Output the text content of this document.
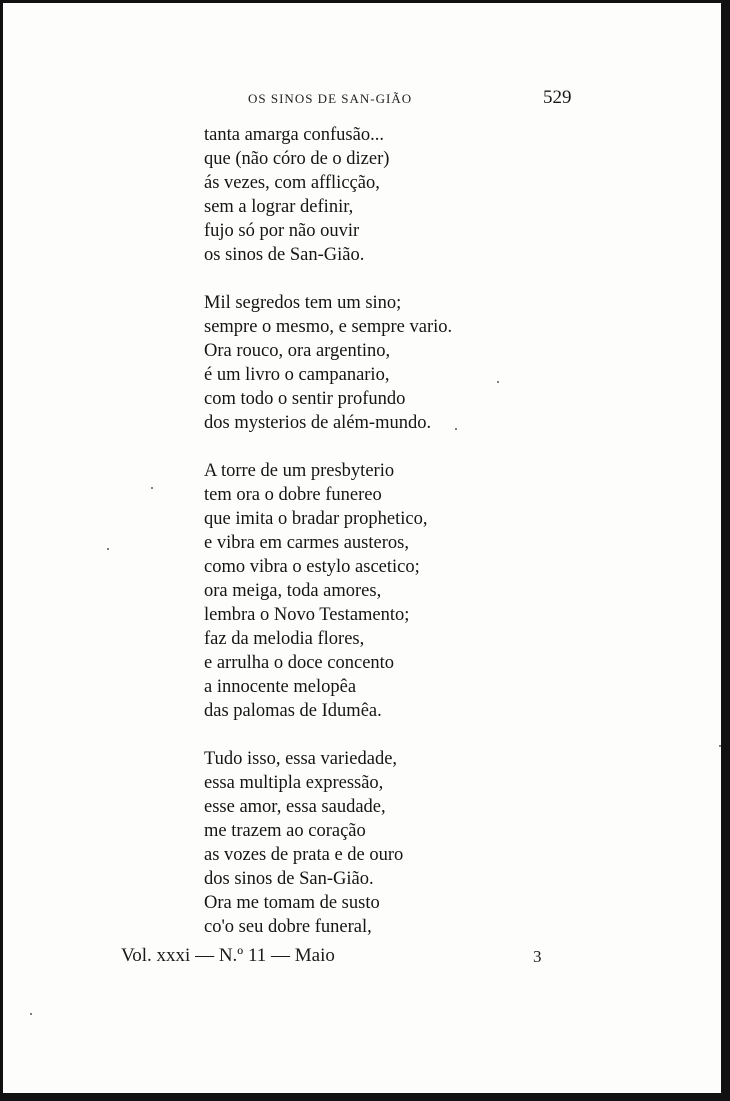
OS SINOS DE SAN-GIÃO	529
tanta amarga confusão...
que (não córo de o dizer)
ás vezes, com afflicção,
sem a lograr definir,
fujo só por não ouvir
os sinos de San-Gião.
Mil segredos tem um sino;
sempre o mesmo, e sempre vario.
Ora rouco, ora argentino,
é um livro o campanario,
com todo o sentir profundo
dos mysterios de além-mundo.
A torre de um presbyterio
tem ora o dobre funereo
que imita o bradar prophetico,
e vibra em carmes austeros,
como vibra o estylo ascetico;
ora meiga, toda amores,
lembra o Novo Testamento;
faz da melodia flores,
e arrulha o doce concento
a innocente melopêa
das palomas de Idumêa.
Tudo isso, essa variedade,
essa multipla expressão,
esse amor, essa saudade,
me trazem ao coração
as vozes de prata e de ouro
dos sinos de San-Gião.
Ora me tomam de susto
co'o seu dobre funeral,
Vol. xxxi — N.º 11 — Maio	3
